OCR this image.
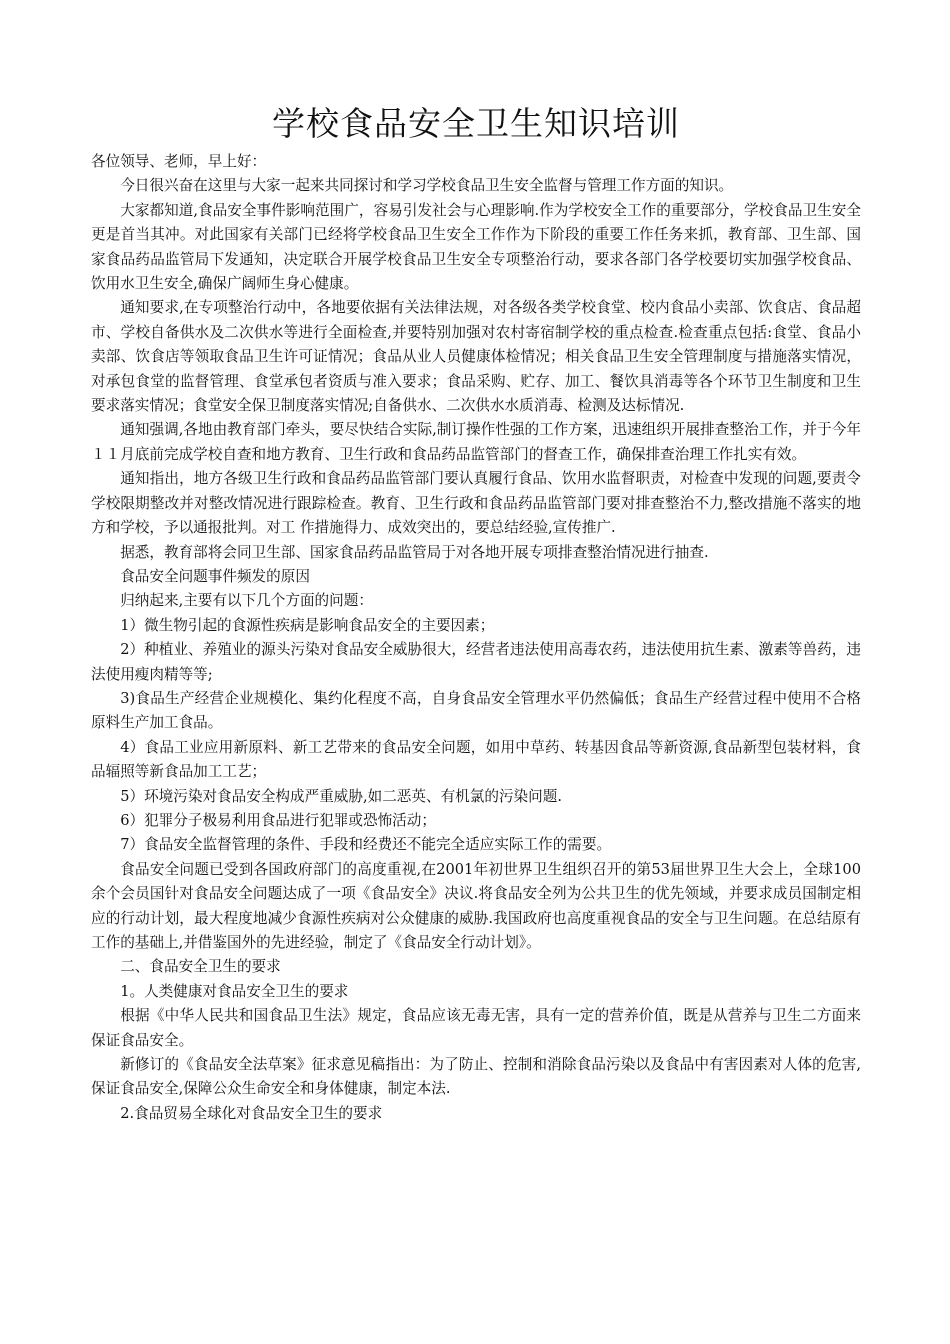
学校食品安全卫生知识培训

各位领导、老师，早上好：

今日很兴奋在这里与大家一起来共同探讨和学习学校食品卫生安全监督与管理工作方面的知识。

大家都知道,食品安全事件影响范围广，容易引发社会与心理影响.作为学校安全工作的重要部分，学校食品卫生安全更是首当其冲。对此国家有关部门已经将学校食品卫生安全工作作为下阶段的重要工作任务来抓，教育部、卫生部、国家食品药品监管局下发通知，决定联合开展学校食品卫生安全专项整治行动，要求各部门各学校要切实加强学校食品、饮用水卫生安全,确保广阔师生身心健康。

通知要求,在专项整治行动中，各地要依据有关法律法规，对各级各类学校食堂、校内食品小卖部、饮食店、食品超市、学校自备供水及二次供水等进行全面检查,并要特别加强对农村寄宿制学校的重点检查.检查重点包括:食堂、食品小卖部、饮食店等领取食品卫生许可证情况；食品从业人员健康体检情况；相关食品卫生安全管理制度与措施落实情况，对承包食堂的监督管理、食堂承包者资质与准入要求；食品采购、贮存、加工、餐饮具消毒等各个环节卫生制度和卫生要求落实情况；食堂安全保卫制度落实情况;自备供水、二次供水水质消毒、检测及达标情况.

通知强调,各地由教育部门牵头，要尽快结合实际,制订操作性强的工作方案，迅速组织开展排查整治工作，并于今年１１月底前完成学校自查和地方教育、卫生行政和食品药品监管部门的督查工作，确保排查治理工作扎实有效。

通知指出，地方各级卫生行政和食品药品监管部门要认真履行食品、饮用水监督职责，对检查中发现的问题,要责令学校限期整改并对整改情况进行跟踪检查。教育、卫生行政和食品药品监管部门要对排查整治不力,整改措施不落实的地方和学校，予以通报批判。对工 作措施得力、成效突出的，要总结经验,宣传推广.

据悉，教育部将会同卫生部、国家食品药品监管局于对各地开展专项排查整治情况进行抽查.

食品安全问题事件频发的原因

归纳起来,主要有以下几个方面的问题：

1）微生物引起的食源性疾病是影响食品安全的主要因素；

2）种植业、养殖业的源头污染对食品安全威胁很大，经营者违法使用高毒农药，违法使用抗生素、激素等兽药，违法使用瘦肉精等等;

3)食品生产经营企业规模化、集约化程度不高，自身食品安全管理水平仍然偏低；食品生产经营过程中使用不合格原料生产加工食品。

4）食品工业应用新原料、新工艺带来的食品安全问题，如用中草药、转基因食品等新资源,食品新型包装材料，食品辐照等新食品加工工艺；

5）环境污染对食品安全构成严重威胁,如二恶英、有机氯的污染问题.

6）犯罪分子极易利用食品进行犯罪或恐怖活动；

7）食品安全监督管理的条件、手段和经费还不能完全适应实际工作的需要。

食品安全问题已受到各国政府部门的高度重视,在2001年初世界卫生组织召开的第53届世界卫生大会上，全球100余个会员国针对食品安全问题达成了一项《食品安全》决议.将食品安全列为公共卫生的优先领域，并要求成员国制定相应的行动计划，最大程度地减少食源性疾病对公众健康的威胁.我国政府也高度重视食品的安全与卫生问题。在总结原有工作的基础上,并借鉴国外的先进经验，制定了《食品安全行动计划》。

二、食品安全卫生的要求

1。人类健康对食品安全卫生的要求

根据《中华人民共和国食品卫生法》规定，食品应该无毒无害，具有一定的营养价值，既是从营养与卫生二方面来保证食品安全。

新修订的《食品安全法草案》征求意见稿指出：为了防止、控制和消除食品污染以及食品中有害因素对人体的危害,保证食品安全,保障公众生命安全和身体健康，制定本法.

2.食品贸易全球化对食品安全卫生的要求
